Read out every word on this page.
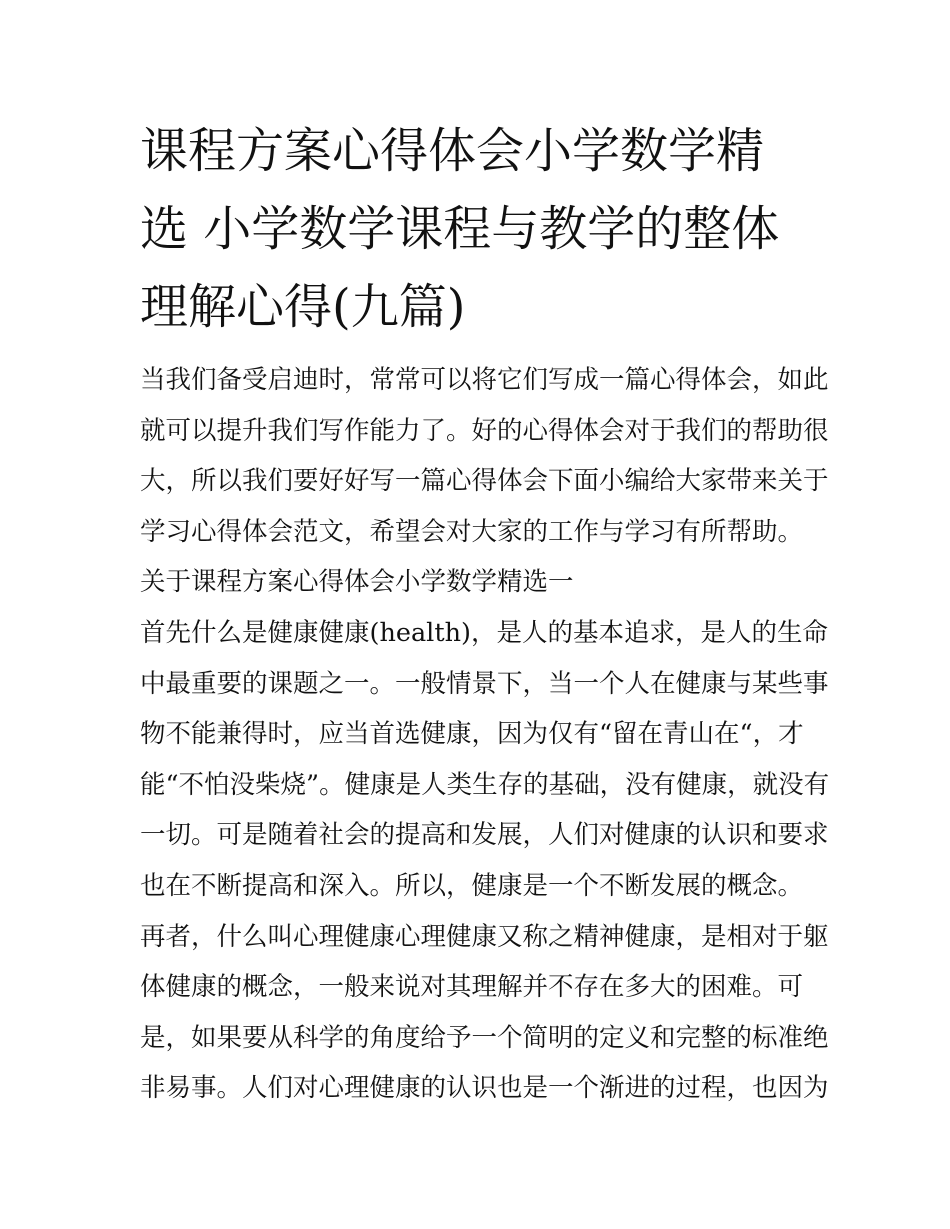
课程方案心得体会小学数学精
选 小学数学课程与教学的整体
理解心得(九篇)
当我们备受启迪时，常常可以将它们写成一篇心得体会，如此
就可以提升我们写作能力了。好的心得体会对于我们的帮助很
大，所以我们要好好写一篇心得体会下面小编给大家带来关于
学习心得体会范文，希望会对大家的工作与学习有所帮助。
关于课程方案心得体会小学数学精选一
首先什么是健康健康(health)，是人的基本追求，是人的生命
中最重要的课题之一。一般情景下，当一个人在健康与某些事
物不能兼得时，应当首选健康，因为仅有“留在青山在“，才
能“不怕没柴烧”。健康是人类生存的基础，没有健康，就没有
一切。可是随着社会的提高和发展，人们对健康的认识和要求
也在不断提高和深入。所以，健康是一个不断发展的概念。
再者，什么叫心理健康心理健康又称之精神健康，是相对于躯
体健康的概念，一般来说对其理解并不存在多大的困难。可
是，如果要从科学的角度给予一个简明的定义和完整的标准绝
非易事。人们对心理健康的认识也是一个渐进的过程，也因为
